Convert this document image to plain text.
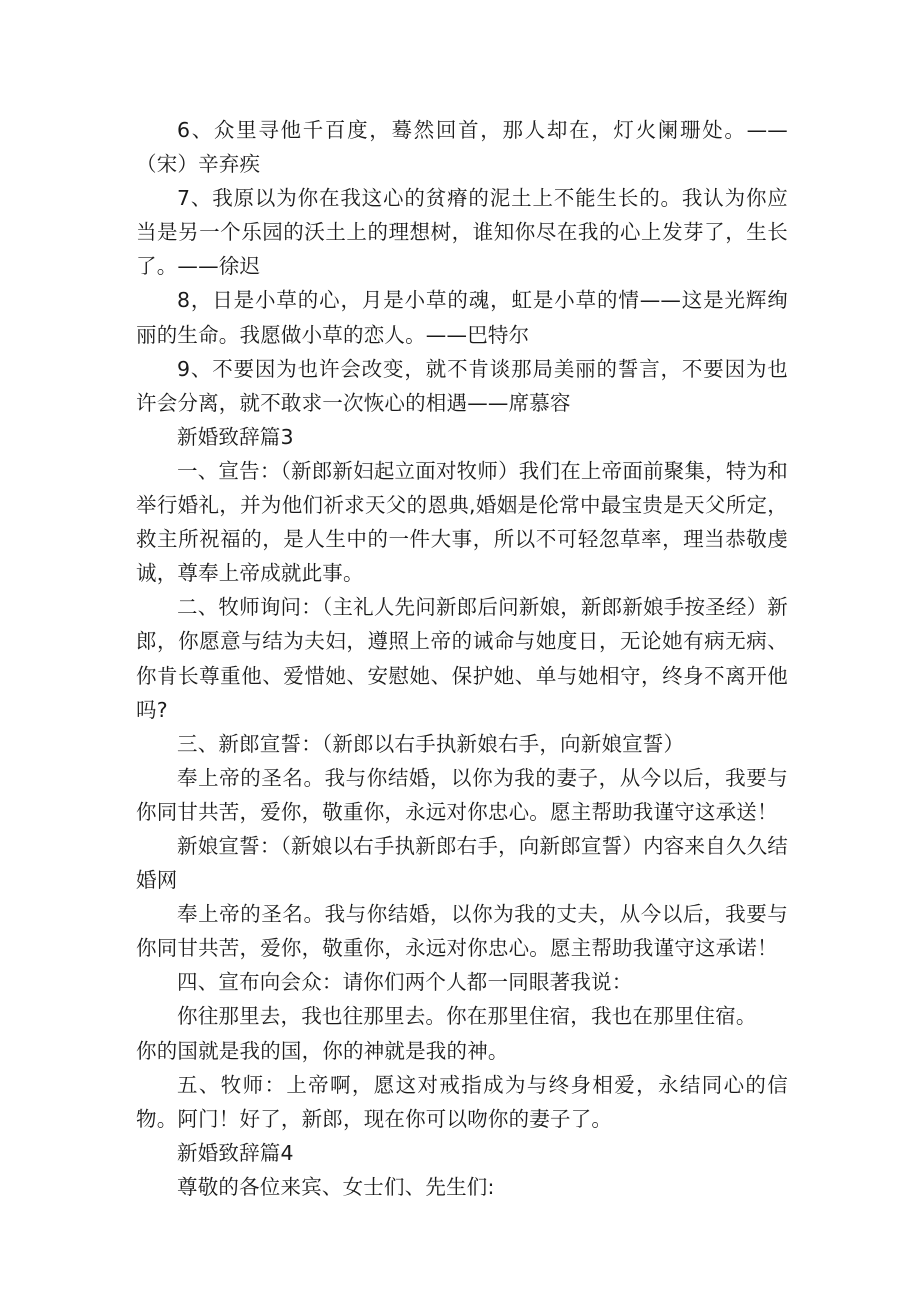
6、众里寻他千百度，蓦然回首，那人却在，灯火阑珊处。——（宋）辛弃疾

7、我原以为你在我这心的贫瘠的泥土上不能生长的。我认为你应当是另一个乐园的沃土上的理想树，谁知你尽在我的心上发芽了，生长了。——徐迟

8，日是小草的心，月是小草的魂，虹是小草的情——这是光辉绚丽的生命。我愿做小草的恋人。——巴特尔

9、不要因为也许会改变，就不肯谈那局美丽的誓言，不要因为也许会分离，就不敢求一次恢心的相遇——席慕容

新婚致辞篇3

一、宣告：（新郎新妇起立面对牧师）我们在上帝面前聚集，特为和举行婚礼，并为他们祈求天父的恩典,婚姻是伦常中最宝贵是天父所定，救主所祝福的，是人生中的一件大事，所以不可轻忽草率，理当恭敬虔诚，尊奉上帝成就此事。

二、牧师询问：（主礼人先问新郎后问新娘，新郎新娘手按圣经）新郎，你愿意与结为夫妇，遵照上帝的诫命与她度日，无论她有病无病、你肯长尊重他、爱惜她、安慰她、保护她、单与她相守，终身不离开他吗?

三、新郎宣誓：（新郎以右手执新娘右手，向新娘宣誓）

奉上帝的圣名。我与你结婚，以你为我的妻子，从今以后，我要与你同甘共苦，爱你，敬重你，永远对你忠心。愿主帮助我谨守这承送！

新娘宣誓：（新娘以右手执新郎右手，向新郎宣誓）内容来自久久结婚网

奉上帝的圣名。我与你结婚，以你为我的丈夫，从今以后，我要与你同甘共苦，爱你，敬重你，永远对你忠心。愿主帮助我谨守这承诺！

四、宣布向会众：请你们两个人都一同眼著我说：

你往那里去，我也往那里去。你在那里住宿，我也在那里住宿。

你的国就是我的国，你的神就是我的神。

五、牧师：上帝啊，愿这对戒指成为与终身相爱，永结同心的信物。阿门！好了，新郎，现在你可以吻你的妻子了。

新婚致辞篇4

尊敬的各位来宾、女士们、先生们:
